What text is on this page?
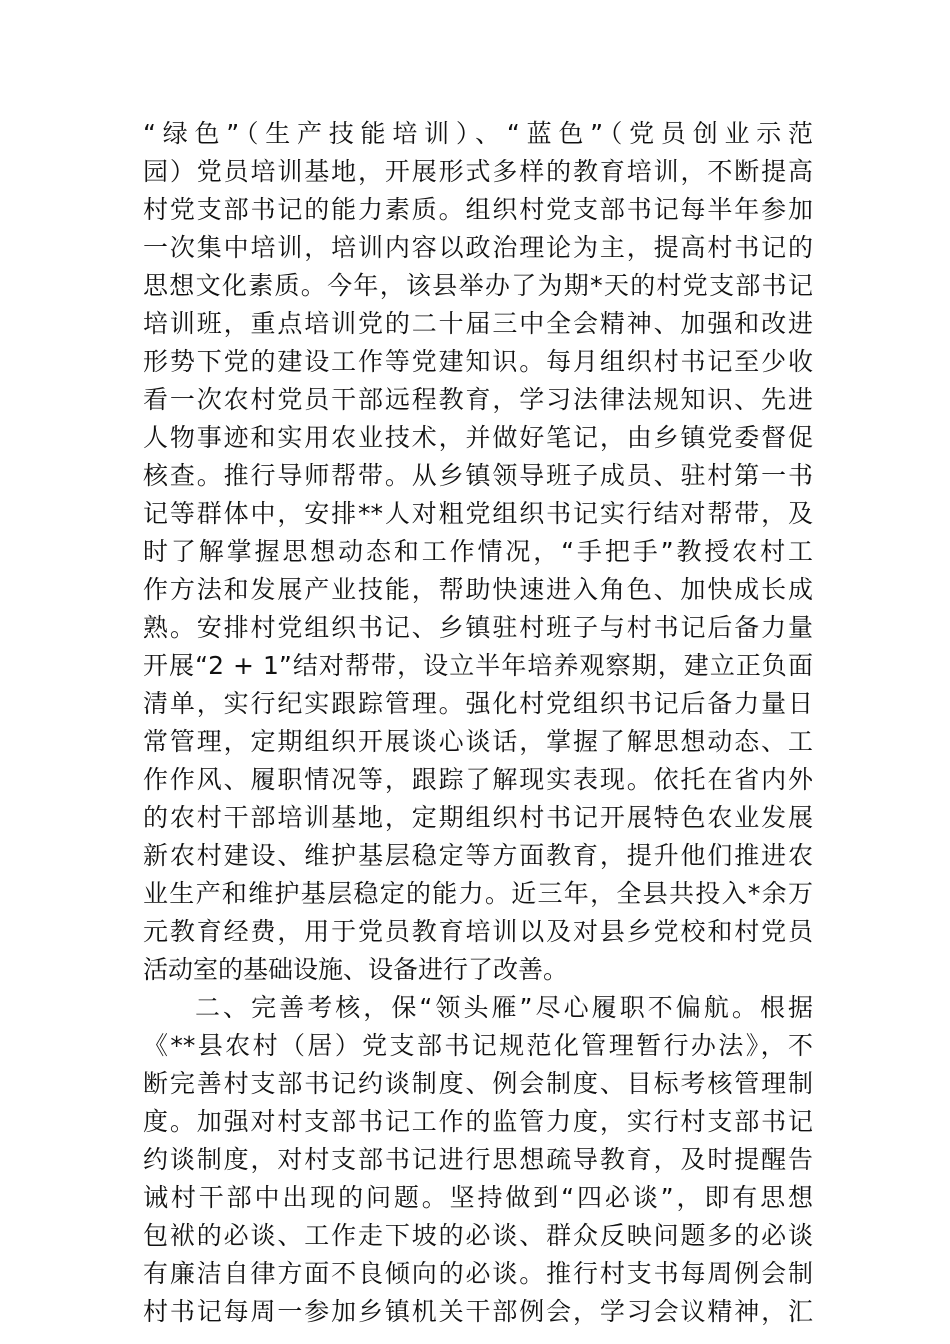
“绿色”（生产技能培训）、“蓝色”（党员创业示范
园）党员培训基地，开展形式多样的教育培训，不断提高
村党支部书记的能力素质。组织村党支部书记每半年参加
一次集中培训，培训内容以政治理论为主，提高村书记的
思想文化素质。今年，该县举办了为期*天的村党支部书记
培训班，重点培训党的二十届三中全会精神、加强和改进
形势下党的建设工作等党建知识。每月组织村书记至少收
看一次农村党员干部远程教育，学习法律法规知识、先进
人物事迹和实用农业技术，并做好笔记，由乡镇党委督促
核查。推行导师帮带。从乡镇领导班子成员、驻村第一书
记等群体中，安排**人对粗党组织书记实行结对帮带，及
时了解掌握思想动态和工作情况，“手把手”教授农村工
作方法和发展产业技能，帮助快速进入角色、加快成长成
熟。安排村党组织书记、乡镇驻村班子与村书记后备力量
开展“2 + 1”结对帮带，设立半年培养观察期，建立正负面
清单，实行纪实跟踪管理。强化村党组织书记后备力量日
常管理，定期组织开展谈心谈话，掌握了解思想动态、工
作作风、履职情况等，跟踪了解现实表现。依托在省内外
的农村干部培训基地，定期组织村书记开展特色农业发展
新农村建设、维护基层稳定等方面教育，提升他们推进农
业生产和维护基层稳定的能力。近三年，全县共投入*余万
元教育经费，用于党员教育培训以及对县乡党校和村党员
活动室的基础设施、设备进行了改善。
二、完善考核，保“领头雁”尽心履职不偏航。根据
《**县农村（居）党支部书记规范化管理暂行办法》，不
断完善村支部书记约谈制度、例会制度、目标考核管理制
度。加强对村支部书记工作的监管力度，实行村支部书记
约谈制度，对村支部书记进行思想疏导教育，及时提醒告
诫村干部中出现的问题。坚持做到“四必谈”，即有思想
包袱的必谈、工作走下坡的必谈、群众反映问题多的必谈
有廉洁自律方面不良倾向的必谈。推行村支书每周例会制
村书记每周一参加乡镇机关干部例会，学习会议精神，汇
